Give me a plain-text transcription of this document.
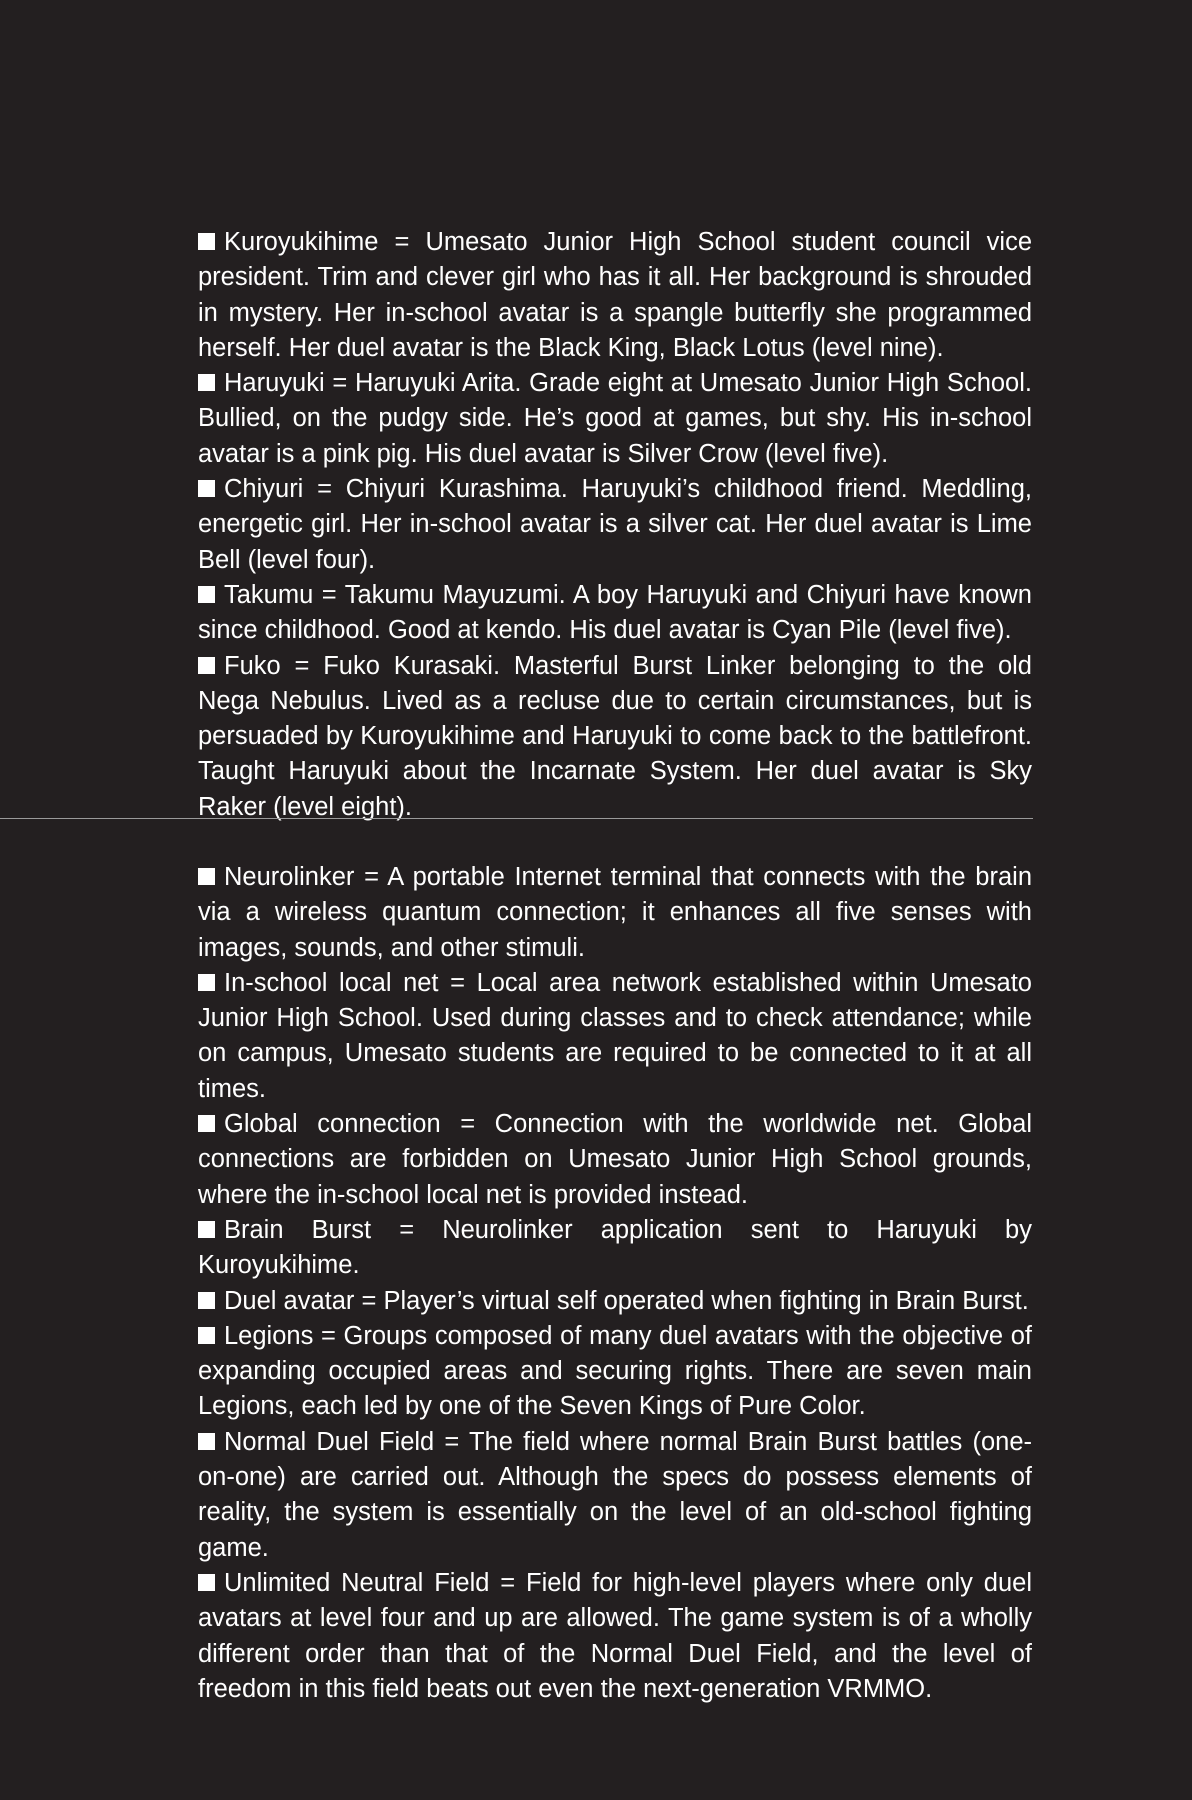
Kuroyukihime = Umesato Junior High School student council vice president. Trim and clever girl who has it all. Her background is shrouded in mystery. Her in-school avatar is a spangle butterfly she programmed herself. Her duel avatar is the Black King, Black Lotus (level nine).

Haruyuki = Haruyuki Arita. Grade eight at Umesato Junior High School. Bullied, on the pudgy side. He’s good at games, but shy. His in-school avatar is a pink pig. His duel avatar is Silver Crow (level five).

Chiyuri = Chiyuri Kurashima. Haruyuki’s childhood friend. Meddling, energetic girl. Her in-school avatar is a silver cat. Her duel avatar is Lime Bell (level four).

Takumu = Takumu Mayuzumi. A boy Haruyuki and Chiyuri have known since childhood. Good at kendo. His duel avatar is Cyan Pile (level five).

Fuko = Fuko Kurasaki. Masterful Burst Linker belonging to the old Nega Nebulus. Lived as a recluse due to certain circumstances, but is persuaded by Kuroyukihime and Haruyuki to come back to the battlefront. Taught Haruyuki about the Incarnate System. Her duel avatar is Sky Raker (level eight).

Neurolinker = A portable Internet terminal that connects with the brain via a wireless quantum connection; it enhances all five senses with images, sounds, and other stimuli.

In-school local net = Local area network established within Umesato Junior High School. Used during classes and to check attendance; while on campus, Umesato students are required to be connected to it at all times.

Global connection = Connection with the worldwide net. Global connections are forbidden on Umesato Junior High School grounds, where the in-school local net is provided instead.

Brain Burst = Neurolinker application sent to Haruyuki by Kuroyukihime.

Duel avatar = Player’s virtual self operated when fighting in Brain Burst.

Legions = Groups composed of many duel avatars with the objective of expanding occupied areas and securing rights. There are seven main Legions, each led by one of the Seven Kings of Pure Color.

Normal Duel Field = The field where normal Brain Burst battles (one-on-one) are carried out. Although the specs do possess elements of reality, the system is essentially on the level of an old-school fighting game.

Unlimited Neutral Field = Field for high-level players where only duel avatars at level four and up are allowed. The game system is of a wholly different order than that of the Normal Duel Field, and the level of freedom in this field beats out even the next-generation VRMMO.
